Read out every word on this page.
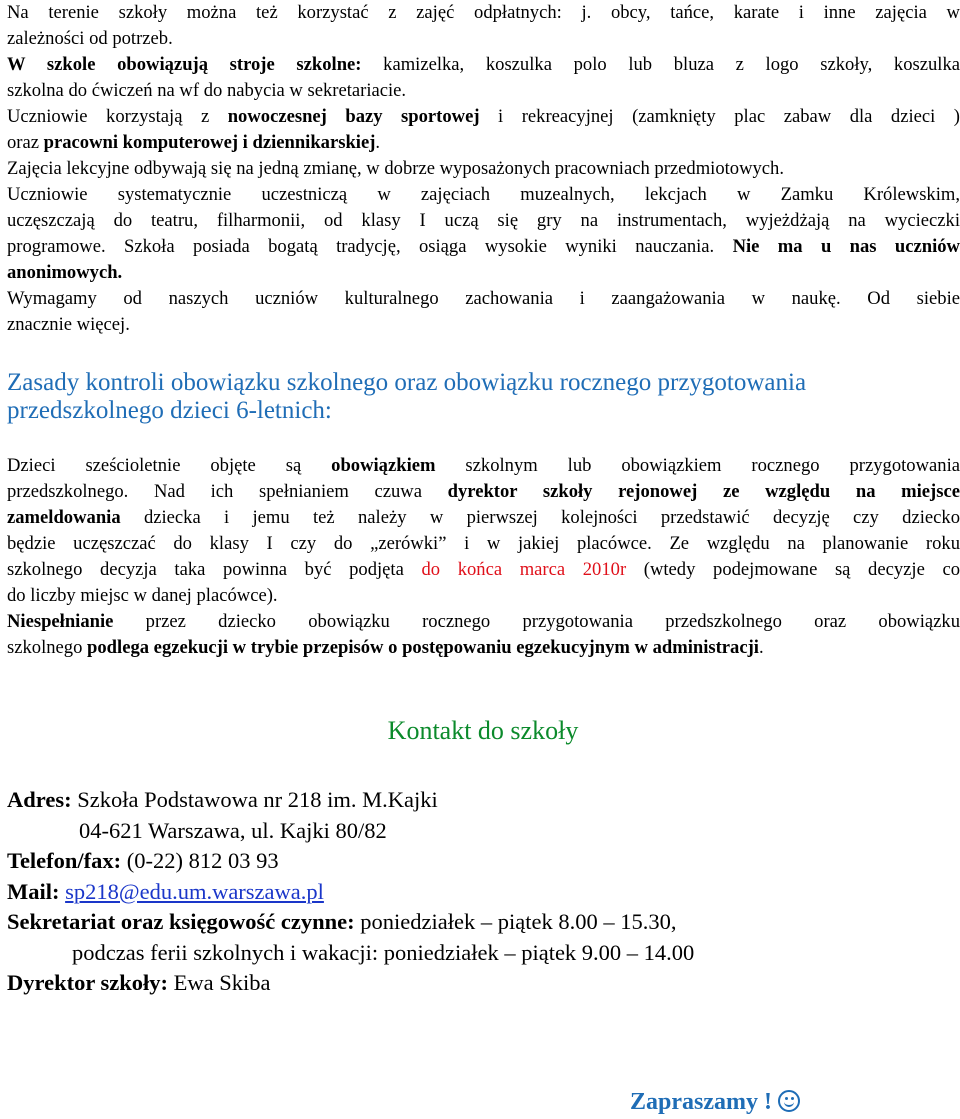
Na terenie szkoły można też korzystać z zajęć odpłatnych: j. obcy, tańce, karate i inne zajęcia w
zależności od potrzeb.
W szkole obowiązują stroje szkolne: kamizelka, koszulka polo lub bluza z logo szkoły, koszulka
szkolna do ćwiczeń na wf do nabycia w sekretariacie.
Uczniowie korzystają z nowoczesnej bazy sportowej i rekreacyjnej (zamknięty plac zabaw dla dzieci )
oraz pracowni komputerowej i dziennikarskiej.
Zajęcia lekcyjne odbywają się na jedną zmianę, w dobrze wyposażonych pracowniach przedmiotowych.
Uczniowie systematycznie uczestniczą w zajęciach muzealnych, lekcjach w Zamku Królewskim,
uczęszczają do teatru, filharmonii, od klasy I uczą się gry na instrumentach, wyjeżdżają na wycieczki
programowe. Szkoła posiada bogatą tradycję, osiąga wysokie wyniki nauczania. Nie ma u nas uczniów
anonimowych.
Wymagamy od naszych uczniów kulturalnego zachowania i zaangażowania w naukę. Od siebie
znacznie więcej.
Zasady kontroli obowiązku szkolnego oraz obowiązku rocznego przygotowania
przedszkolnego dzieci 6-letnich:
Dzieci sześcioletnie objęte są obowiązkiem szkolnym lub obowiązkiem rocznego przygotowania
przedszkolnego. Nad ich spełnianiem czuwa dyrektor szkoły rejonowej ze względu na miejsce
zameldowania dziecka i jemu też należy w pierwszej kolejności przedstawić decyzję czy dziecko
będzie uczęszczać do klasy I czy do „zerówki” i w jakiej placówce. Ze względu na planowanie roku
szkolnego decyzja taka powinna być podjęta do końca marca 2010r (wtedy podejmowane są decyzje co
do liczby miejsc w danej placówce).
Niespełnianie przez dziecko obowiązku rocznego przygotowania przedszkolnego oraz obowiązku
szkolnego podlega egzekucji w trybie przepisów o postępowaniu egzekucyjnym w administracji.
Kontakt do szkoły
Adres: Szkoła Podstawowa nr 218 im. M.Kajki
04-621 Warszawa, ul. Kajki 80/82
Telefon/fax: (0-22) 812 03 93
Mail: sp218@edu.um.warszawa.pl
Sekretariat oraz księgowość czynne: poniedziałek – piątek 8.00 – 15.30,
podczas ferii szkolnych i wakacji: poniedziałek – piątek 9.00 – 14.00
Dyrektor szkoły: Ewa Skiba
Zapraszamy !
